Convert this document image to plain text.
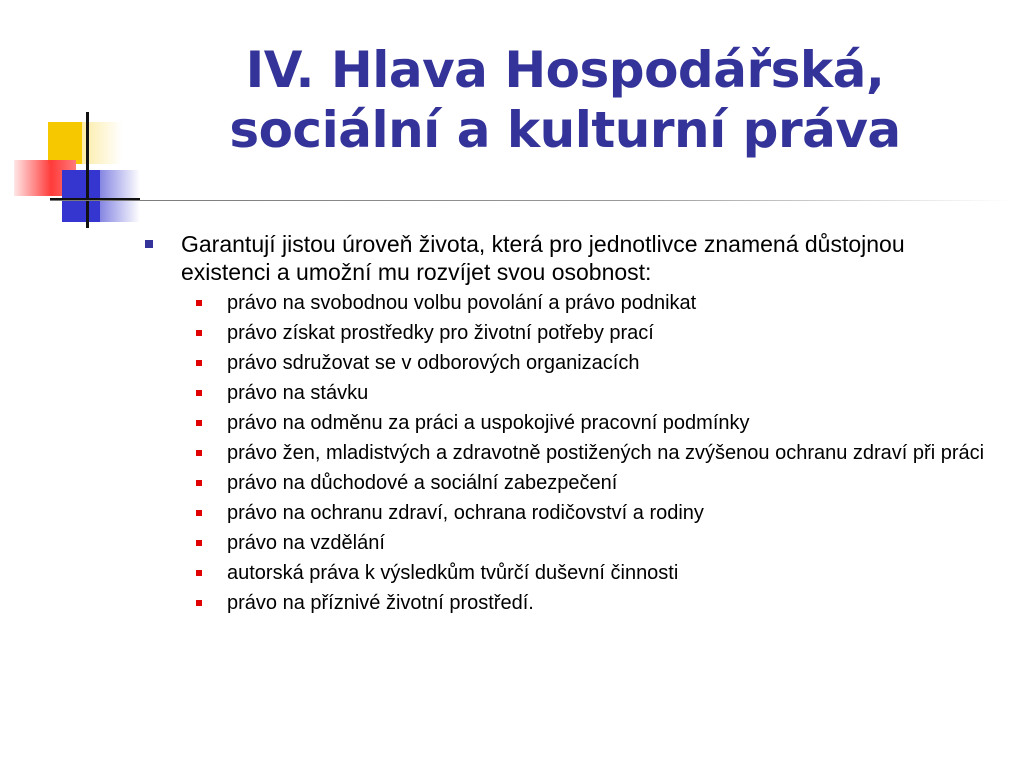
IV. Hlava Hospodářská,
sociální a kulturní práva
Garantují jistou úroveň života, která pro jednotlivce znamená důstojnou existenci a umožní mu rozvíjet svou osobnost:
právo na svobodnou volbu povolání a právo podnikat
právo získat prostředky pro životní potřeby prací
právo sdružovat se v odborových organizacích
právo na stávku
právo na odměnu za práci a uspokojivé pracovní podmínky
právo žen, mladistvých a zdravotně postižených na zvýšenou ochranu zdraví při práci
právo na důchodové a sociální zabezpečení
právo na ochranu zdraví, ochrana rodičovství a rodiny
právo na vzdělání
autorská práva k výsledkům tvůrčí duševní činnosti
právo na příznivé životní prostředí.
